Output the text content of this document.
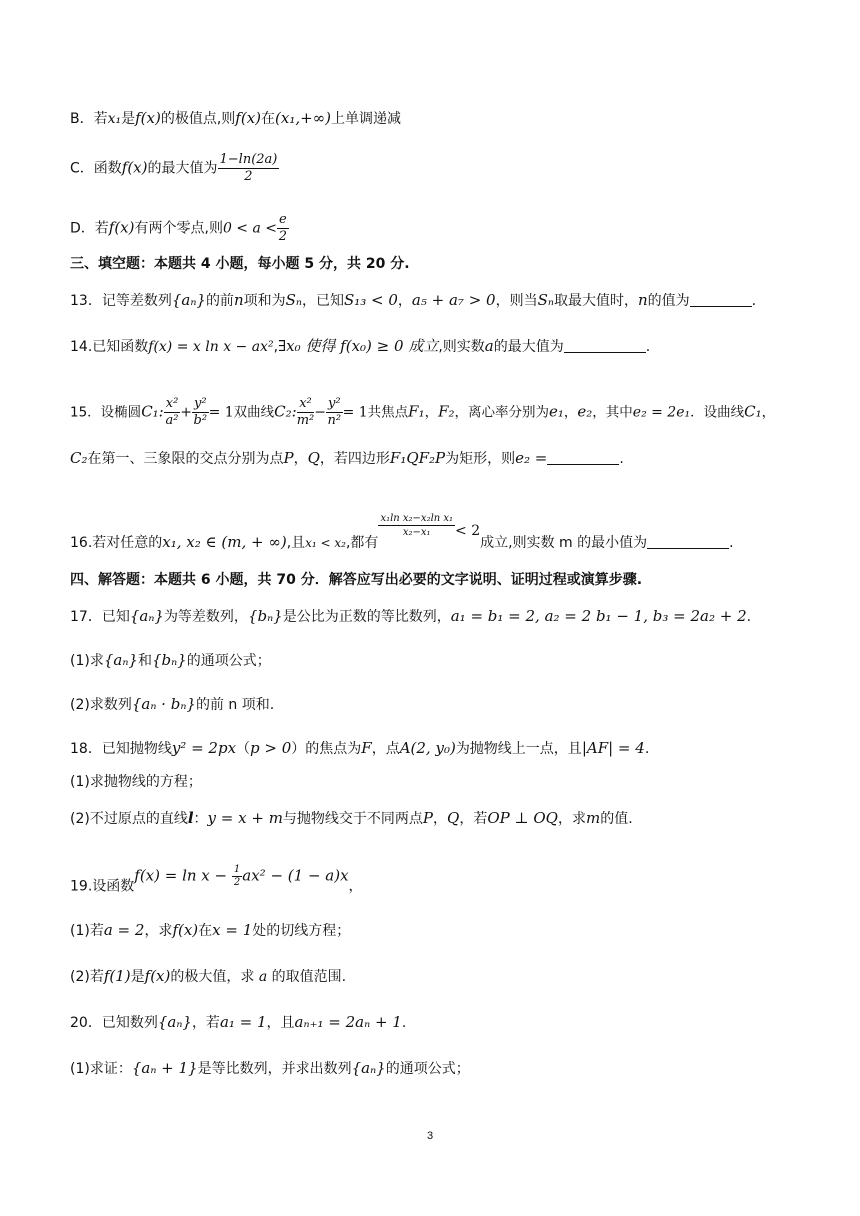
B．若x₁是f(x)的极值点,则f(x)在(x₁,+∞)上单调递减
C．函数f(x)的最大值为 $\frac{1-\ln(2a)}{2}$
D．若f(x)有两个零点,则$0 < a < \frac{e}{2}$
三、填空题：本题共 4 小题，每小题 5 分，共 20 分.
13．记等差数列{aₙ}的前n项和为Sₙ，已知S₁₃ < 0，a₅ + a₇ > 0，则当Sₙ取最大值时，n的值为	.
14.已知函数f(x) = x ln x − ax²,∃x₀ 使得 f(x₀) ≥ 0 成立,则实数a的最大值为	.
15．设椭圆C₁: $\frac{\text{x²}}{\text{a²}} + \frac{\text{y²}}{\text{b²}} = 1$双曲线C₂: $\frac{\text{x²}}{\text{m²}} - \frac{\text{y²}}{\text{n²}} = 1$共焦点F₁，F₂，离心率分别为e₁，e₂，其中e₂ = 2e₁．设曲线C₁，
C₂在第一、三象限的交点分别为点P，Q，若四边形F₁QF₂P为矩形，则e₂ =	.
16.若对任意的x₁, x₂ ∈ (m, + ∞),且x₁ < x₂,都有
$\frac{\text{x₁ln x₂−x₂ln x₁}}{\text{x₂−x₁}} < 2$成立,则实数 m 的最小值为	.
四、解答题：本题共 6 小题，共 70 分．解答应写出必要的文字说明、证明过程或演算步骤.
17．已知{aₙ}为等差数列，{bₙ}是公比为正数的等比数列，a₁ = b₁ = 2, a₂ = 2 b₁ − 1, b₃ = 2a₂ + 2.
(1)求{aₙ}和{bₙ}的通项公式；
(2)求数列{aₙ · bₙ}的前 n 项和.
18．已知抛物线y² = 2px（p > 0）的焦点为F，点A(2, y₀)为抛物线上一点，且|AF| = 4.
(1)求抛物线的方程；
(2)不过原点的直线l：y = x + m与抛物线交于不同两点P，Q，若OP ⊥ OQ，求m的值.
19.设函数$f(x) = \ln x - \frac{1}{2} ax^2 - (1 - a)x$，
(1)若a = 2，求f(x)在x = 1处的切线方程；
(2)若f(1)是f(x)的极大值，求 a 的取值范围.
20．已知数列{aₙ}，若a₁ = 1，且aₙ₊₁ = 2aₙ + 1.
(1)求证：{aₙ + 1}是等比数列，并求出数列{aₙ}的通项公式；
3
